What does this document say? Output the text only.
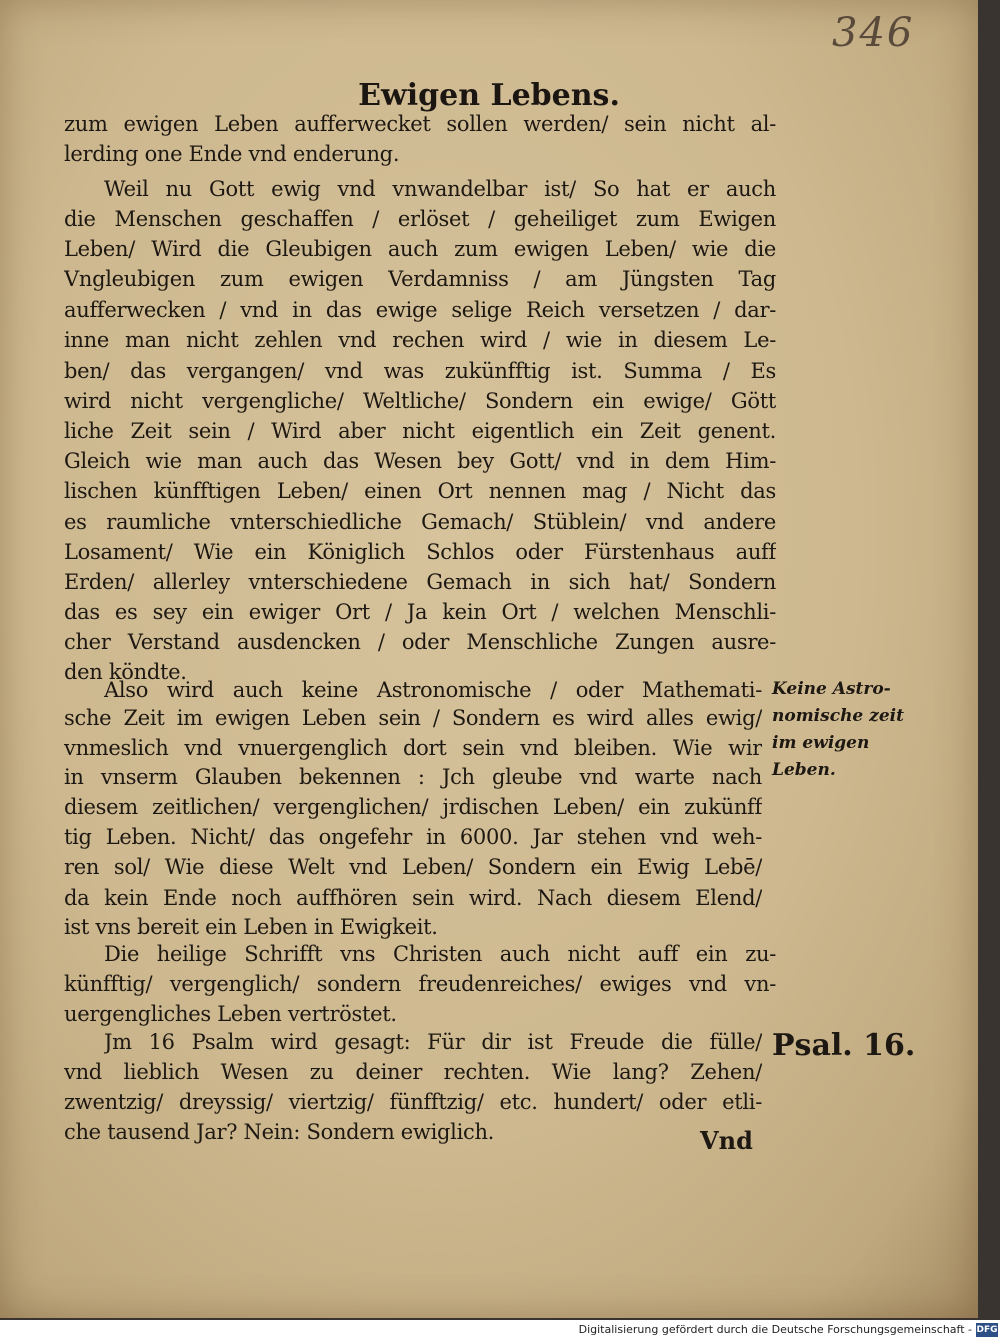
346
Ewigen Lebens.
zum ewigen Leben aufferwecket sollen werden/ sein nicht al-
lerding one Ende vnd enderung.
Weil nu Gott ewig vnd vnwandelbar ist/ So hat er auch
die Menschen geschaffen / erlöset / geheiliget zum Ewigen
Leben/ Wird die Gleubigen auch zum ewigen Leben/ wie die
Vngleubigen zum ewigen Verdamniss / am Jüngsten Tag
aufferwecken / vnd in das ewige selige Reich versetzen / dar-
inne man nicht zehlen vnd rechen wird / wie in diesem Le-
ben/ das vergangen/ vnd was zukünfftig ist. Summa / Es
wird nicht vergengliche/ Weltliche/ Sondern ein ewige/ Gött
liche Zeit sein / Wird aber nicht eigentlich ein Zeit genent.
Gleich wie man auch das Wesen bey Gott/ vnd in dem Him-
lischen künfftigen Leben/ einen Ort nennen mag / Nicht das
es raumliche vnterschiedliche Gemach/ Stüblein/ vnd andere
Losament/ Wie ein Königlich Schlos oder Fürstenhaus auff
Erden/ allerley vnterschiedene Gemach in sich hat/ Sondern
das es sey ein ewiger Ort / Ja kein Ort / welchen Menschli-
cher Verstand ausdencken / oder Menschliche Zungen ausre-
den köndte.
Also wird auch keine Astronomische / oder Mathemati-
sche Zeit im ewigen Leben sein / Sondern es wird alles ewig/
vnmeslich vnd vnuergenglich dort sein vnd bleiben. Wie wir
in vnserm Glauben bekennen : Jch gleube vnd warte nach
diesem zeitlichen/ vergenglichen/ jrdischen Leben/ ein zukünff
tig Leben. Nicht/ das ongefehr in 6000. Jar stehen vnd weh-
ren sol/ Wie diese Welt vnd Leben/ Sondern ein Ewig Lebē/
da kein Ende noch auffhören sein wird. Nach diesem Elend/
ist vns bereit ein Leben in Ewigkeit.
Die heilige Schrifft vns Christen auch nicht auff ein zu-
künfftig/ vergenglich/ sondern freudenreiches/ ewiges vnd vn-
uergengliches Leben vertröstet.
Jm 16 Psalm wird gesagt: Für dir ist Freude die fülle/
vnd lieblich Wesen zu deiner rechten. Wie lang? Zehen/
zwentzig/ dreyssig/ viertzig/ fünfftzig/ etc. hundert/ oder etli-
che tausend Jar? Nein: Sondern ewiglich.
Keine Astro-
nomische zeit
im ewigen
Leben.
Psal. 16.
Vnd
Digitalisierung gefördert durch die Deutsche Forschungsgemeinschaft - DFG
